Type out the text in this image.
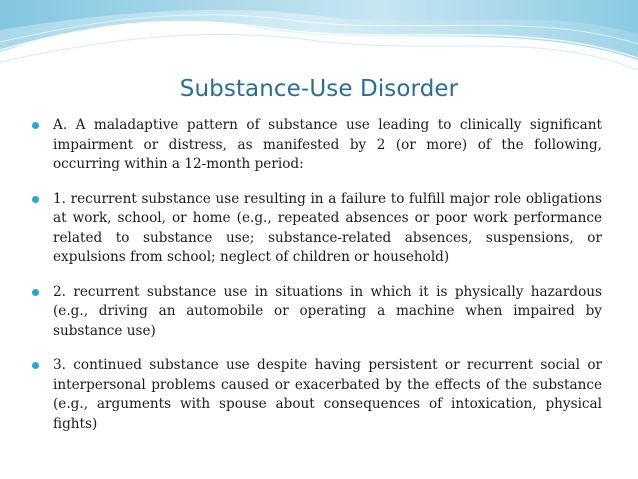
Substance-Use Disorder
A. A maladaptive pattern of substance use leading to clinically significant impairment or distress, as manifested by 2 (or more) of the following, occurring within a 12-month period:
1. recurrent substance use resulting in a failure to fulfill major role obligations at work, school, or home (e.g., repeated absences or poor work performance related to substance use; substance-related absences, suspensions, or expulsions from school; neglect of children or household)
2. recurrent substance use in situations in which it is physically hazardous (e.g., driving an automobile or operating a machine when impaired by substance use)
3. continued substance use despite having persistent or recurrent social or interpersonal problems caused or exacerbated by the effects of the substance (e.g., arguments with spouse about consequences of intoxication, physical fights)
